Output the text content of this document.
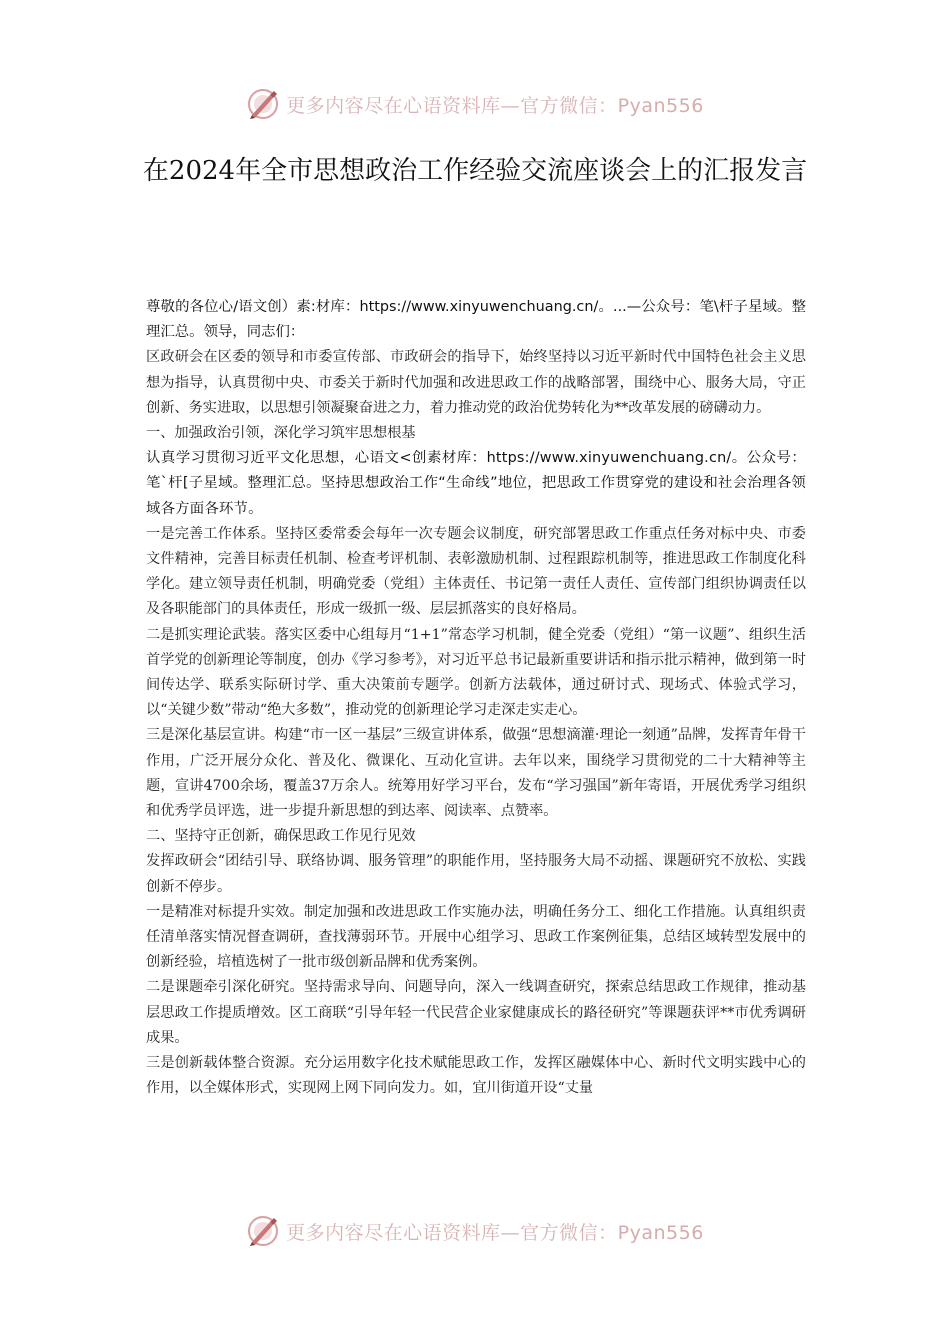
更多内容尽在心语资料库—官方微信：Pyan556
在2024年全市思想政治工作经验交流座谈会上的汇报发言

尊敬的各位心/语文创）素:材库：https://www.xinyuwenchuang.cn/。...—公众号：笔\杆子星域。整理汇总。领导，同志们：

区政研会在区委的领导和市委宣传部、市政研会的指导下，始终坚持以习近平新时代中国特色社会主义思想为指导，认真贯彻中央、市委关于新时代加强和改进思政工作的战略部署，围绕中心、服务大局，守正创新、务实进取，以思想引领凝聚奋进之力，着力推动党的政治优势转化为**改革发展的磅礴动力。

一、加强政治引领，深化学习筑牢思想根基

认真学习贯彻习近平文化思想，心语文<创素材库：https://www.xinyuwenchuang.cn/。公众号：笔`杆[子星域。整理汇总。坚持思想政治工作“生命线”地位，把思政工作贯穿党的建设和社会治理各领域各方面各环节。

一是完善工作体系。坚持区委常委会每年一次专题会议制度，研究部署思政工作重点任务对标中央、市委文件精神，完善目标责任机制、检查考评机制、表彰激励机制、过程跟踪机制等，推进思政工作制度化科学化。建立领导责任机制，明确党委（党组）主体责任、书记第一责任人责任、宣传部门组织协调责任以及各职能部门的具体责任，形成一级抓一级、层层抓落实的良好格局。

二是抓实理论武装。落实区委中心组每月“1+1”常态学习机制，健全党委（党组）“第一议题”、组织生活首学党的创新理论等制度，创办《学习参考》，对习近平总书记最新重要讲话和指示批示精神，做到第一时间传达学、联系实际研讨学、重大决策前专题学。创新方法载体，通过研讨式、现场式、体验式学习，以“关键少数”带动“绝大多数”，推动党的创新理论学习走深走实走心。

三是深化基层宣讲。构建“市一区一基层”三级宣讲体系，做强“思想滴灌·理论一刻通”品牌，发挥青年骨干作用，广泛开展分众化、普及化、微课化、互动化宣讲。去年以来，围绕学习贯彻党的二十大精神等主题，宣讲4700余场，覆盖37万余人。统筹用好学习平台，发布“学习强国”新年寄语，开展优秀学习组织和优秀学员评选，进一步提升新思想的到达率、阅读率、点赞率。

二、坚持守正创新，确保思政工作见行见效

发挥政研会“团结引导、联络协调、服务管理”的职能作用，坚持服务大局不动摇、课题研究不放松、实践创新不停步。

一是精准对标提升实效。制定加强和改进思政工作实施办法，明确任务分工、细化工作措施。认真组织责任清单落实情况督查调研，查找薄弱环节。开展中心组学习、思政工作案例征集，总结区域转型发展中的创新经验，培植选树了一批市级创新品牌和优秀案例。

二是课题牵引深化研究。坚持需求导向、问题导向，深入一线调查研究，探索总结思政工作规律，推动基层思政工作提质增效。区工商联“引导年轻一代民营企业家健康成长的路径研究”等课题获评**市优秀调研成果。

三是创新载体整合资源。充分运用数字化技术赋能思政工作，发挥区融媒体中心、新时代文明实践中心的作用，以全媒体形式，实现网上网下同向发力。如，宜川街道开设“丈量

更多内容尽在心语资料库—官方微信：Pyan556
